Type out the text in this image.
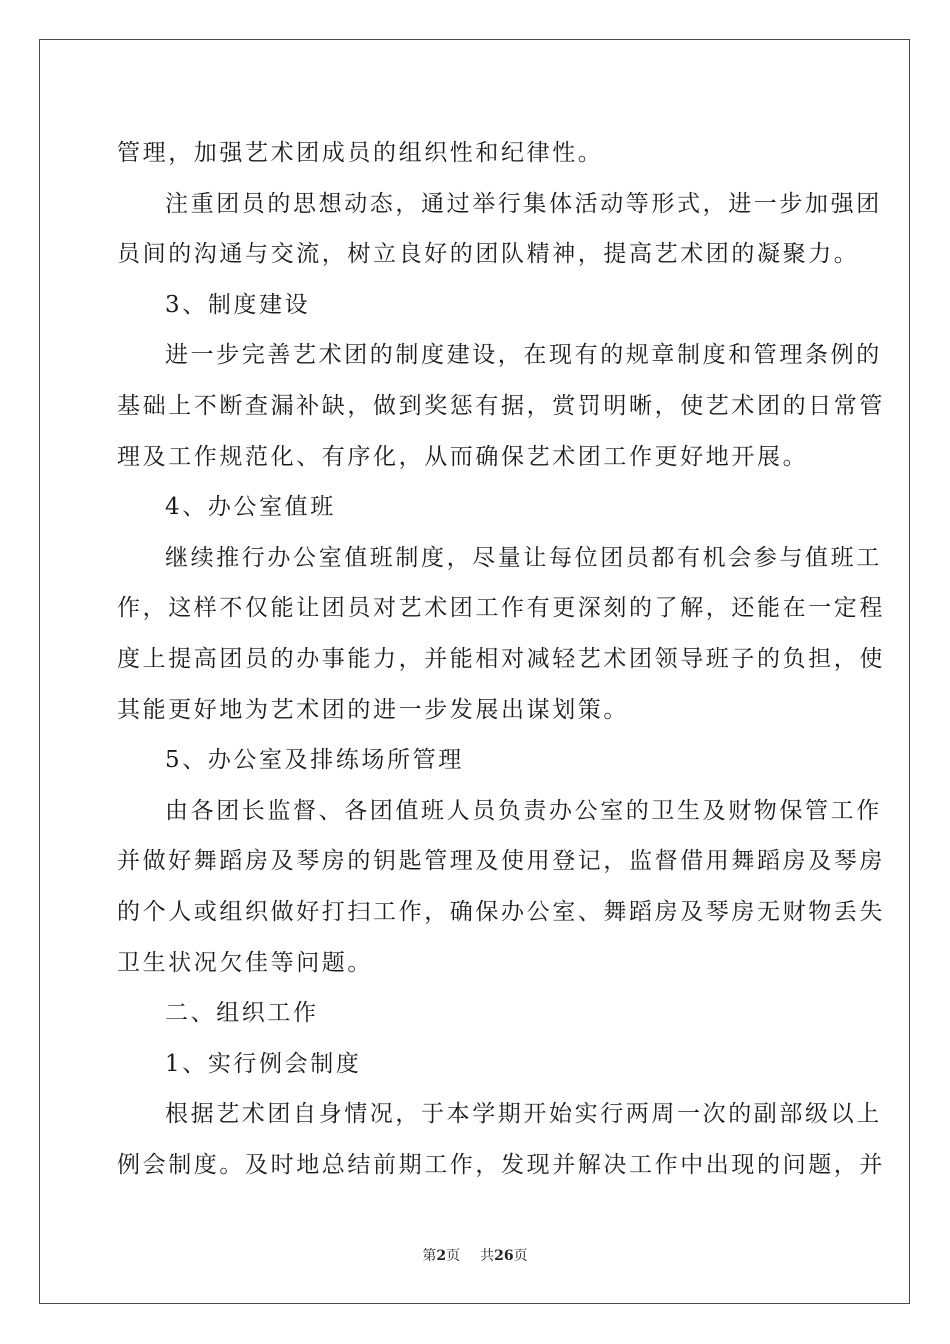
管理，加强艺术团成员的组织性和纪律性。
注重团员的思想动态，通过举行集体活动等形式，进一步加强团
员间的沟通与交流，树立良好的团队精神，提高艺术团的凝聚力。
3、制度建设
进一步完善艺术团的制度建设，在现有的规章制度和管理条例的
基础上不断查漏补缺，做到奖惩有据，赏罚明晰，使艺术团的日常管
理及工作规范化、有序化，从而确保艺术团工作更好地开展。
4、办公室值班
继续推行办公室值班制度，尽量让每位团员都有机会参与值班工
作，这样不仅能让团员对艺术团工作有更深刻的了解，还能在一定程
度上提高团员的办事能力，并能相对减轻艺术团领导班子的负担，使
其能更好地为艺术团的进一步发展出谋划策。
5、办公室及排练场所管理
由各团长监督、各团值班人员负责办公室的卫生及财物保管工作
并做好舞蹈房及琴房的钥匙管理及使用登记，监督借用舞蹈房及琴房
的个人或组织做好打扫工作，确保办公室、舞蹈房及琴房无财物丢失
卫生状况欠佳等问题。
二、组织工作
1、实行例会制度
根据艺术团自身情况，于本学期开始实行两周一次的副部级以上
例会制度。及时地总结前期工作，发现并解决工作中出现的问题，并
第2页 共26页
